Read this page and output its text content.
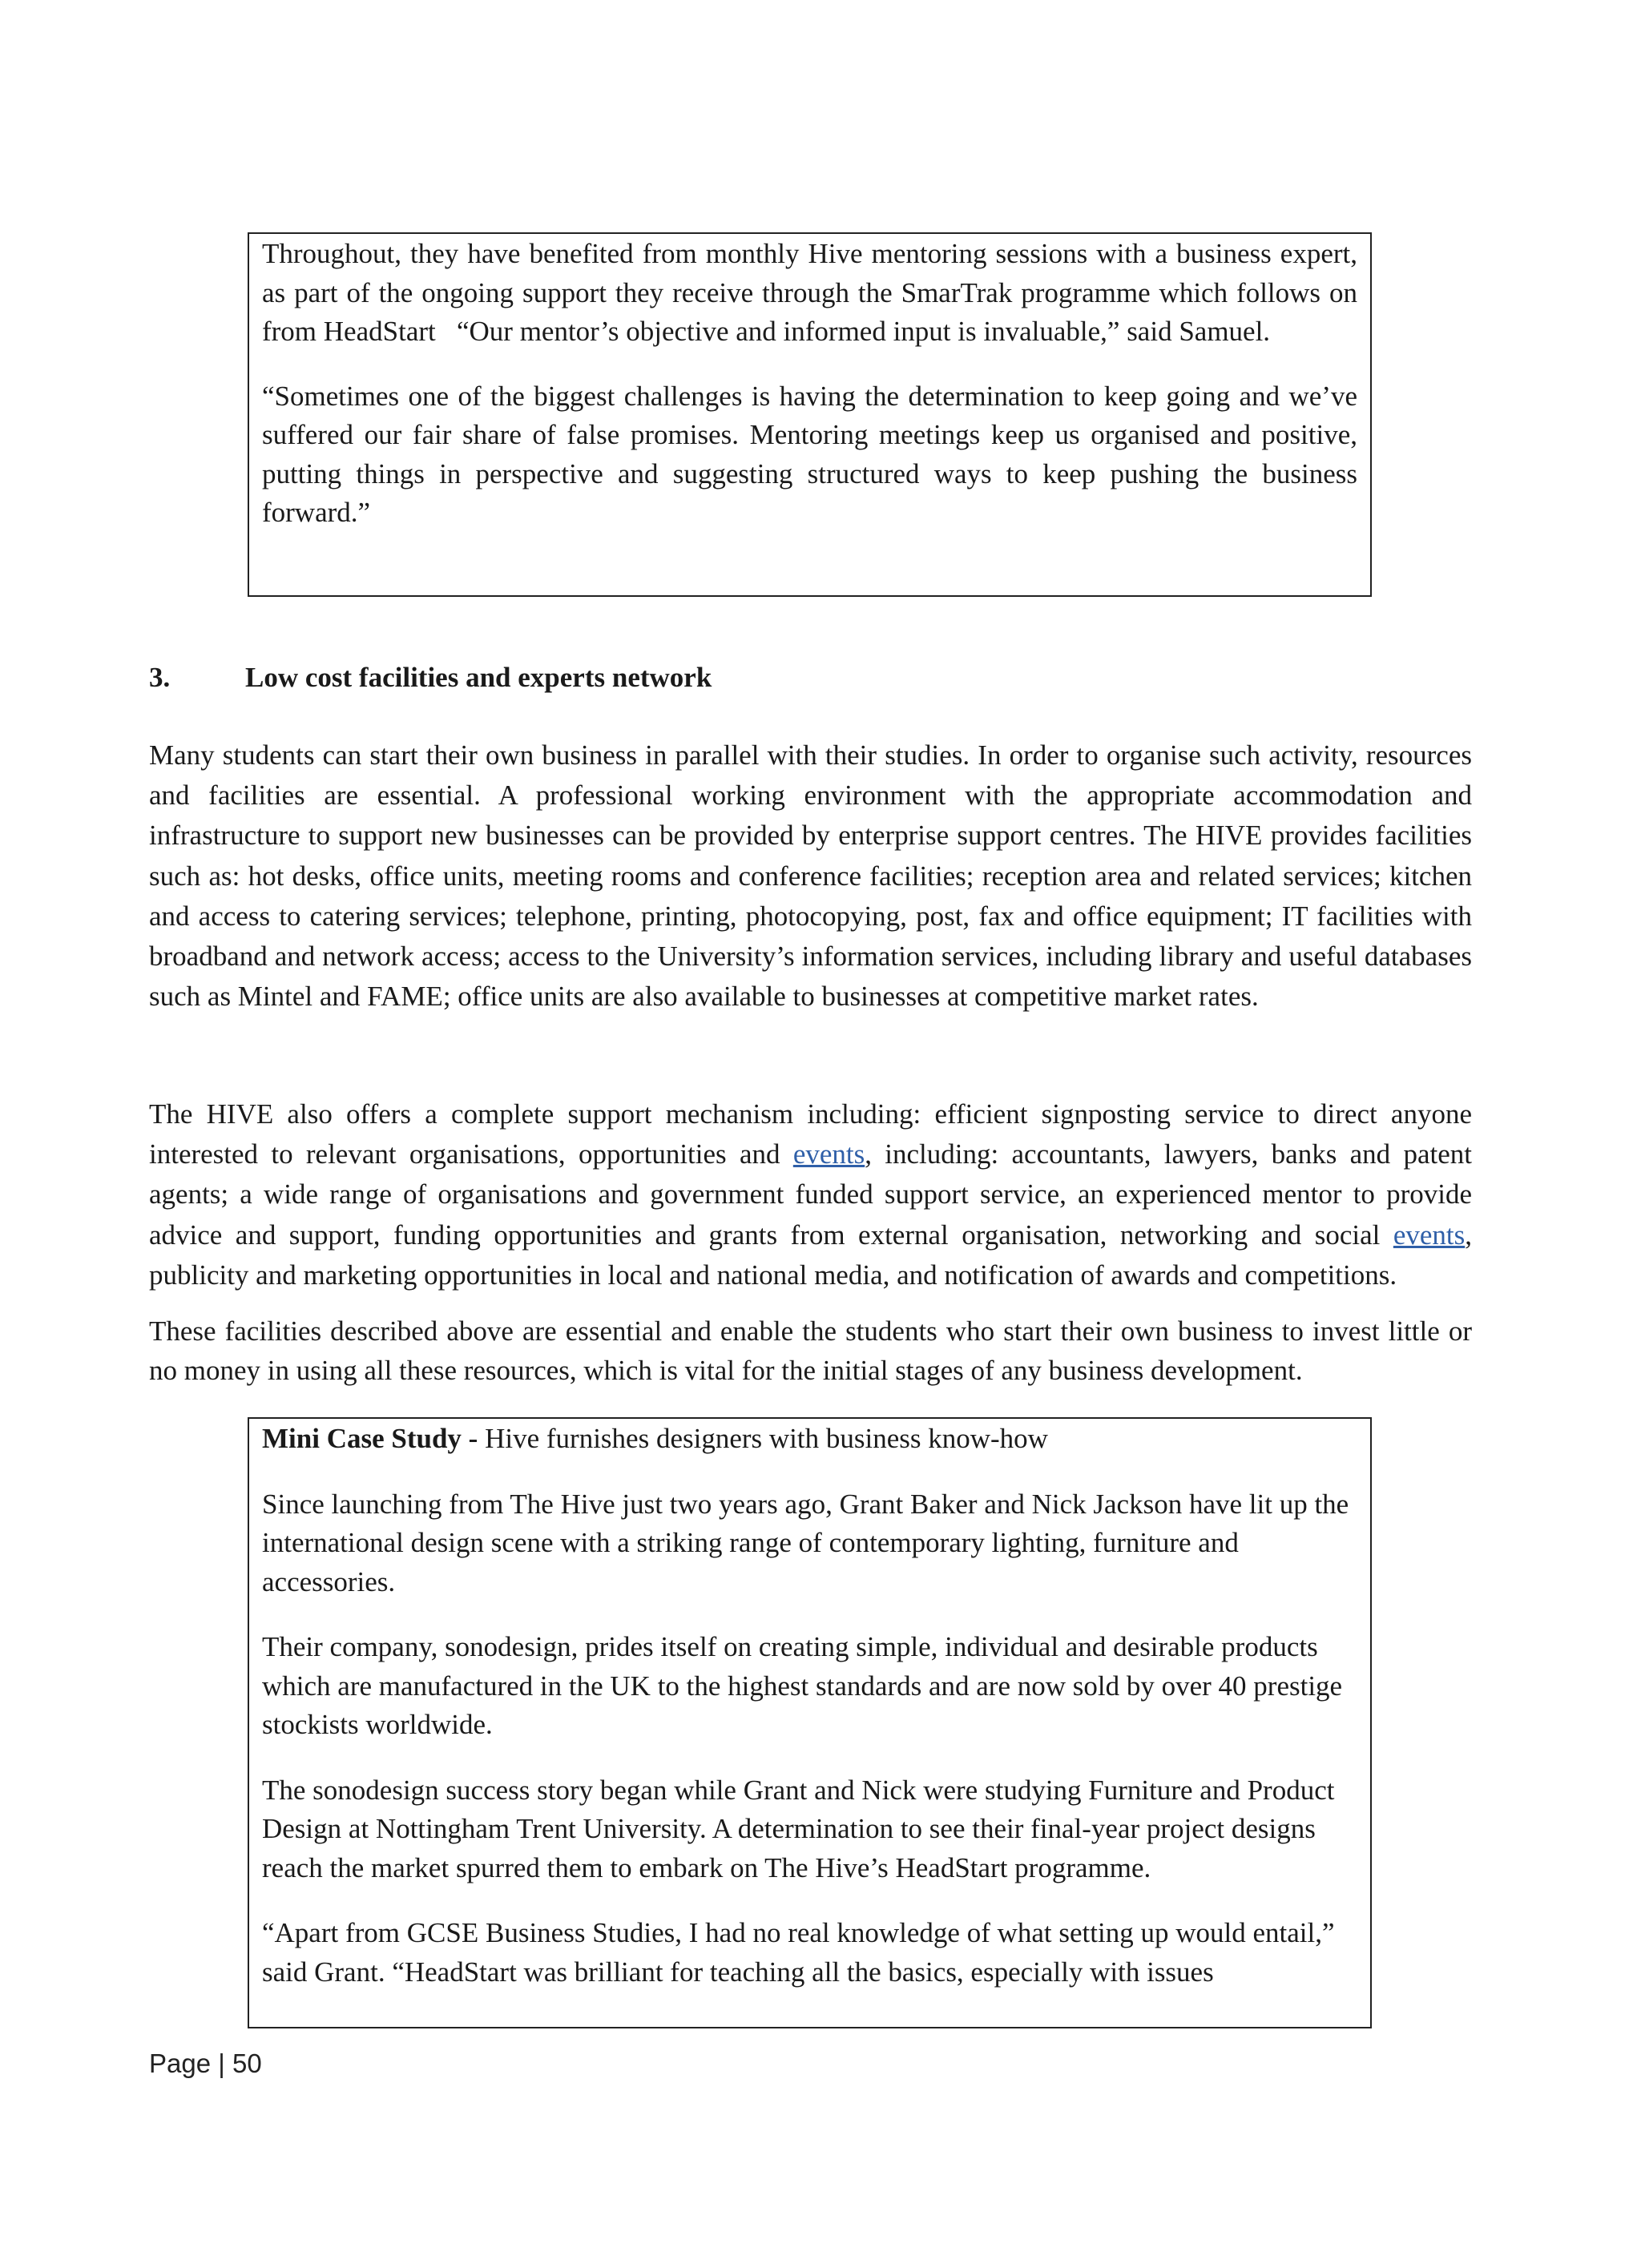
Throughout, they have benefited from monthly Hive mentoring sessions with a business expert, as part of the ongoing support they receive through the SmarTrak programme which follows on from HeadStart   “Our mentor’s objective and informed input is invaluable,” said Samuel.

“Sometimes one of the biggest challenges is having the determination to keep going and we’ve suffered our fair share of false promises. Mentoring meetings keep us organised and positive, putting things in perspective and suggesting structured ways to keep pushing the business forward.”

3.	Low cost facilities and experts network

Many students can start their own business in parallel with their studies. In order to organise such activity, resources and facilities are essential. A professional working environment with the appropriate accommodation and infrastructure to support new businesses can be provided by enterprise support centres. The HIVE provides facilities such as: hot desks, office units, meeting rooms and conference facilities; reception area and related services; kitchen and access to catering services; telephone, printing, photocopying, post, fax and office equipment; IT facilities with broadband and network access; access to the University’s information services, including library and useful databases such as Mintel and FAME; office units are also available to businesses at competitive market rates.

The HIVE also offers a complete support mechanism including: efficient signposting service to direct anyone interested to relevant organisations, opportunities and events, including: accountants, lawyers, banks and patent agents; a wide range of organisations and government funded support service, an experienced mentor to provide advice and support, funding opportunities and grants from external organisation, networking and social events, publicity and marketing opportunities in local and national media, and notification of awards and competitions.

These facilities described above are essential and enable the students who start their own business to invest little or no money in using all these resources, which is vital for the initial stages of any business development.

Mini Case Study - Hive furnishes designers with business know-how

Since launching from The Hive just two years ago, Grant Baker and Nick Jackson have lit up the international design scene with a striking range of contemporary lighting, furniture and accessories.

Their company, sonodesign, prides itself on creating simple, individual and desirable products which are manufactured in the UK to the highest standards and are now sold by over 40 prestige stockists worldwide.

The sonodesign success story began while Grant and Nick were studying Furniture and Product Design at Nottingham Trent University. A determination to see their final-year project designs reach the market spurred them to embark on The Hive’s HeadStart programme.

“Apart from GCSE Business Studies, I had no real knowledge of what setting up would entail,” said Grant. “HeadStart was brilliant for teaching all the basics, especially with issues

Page | 50
